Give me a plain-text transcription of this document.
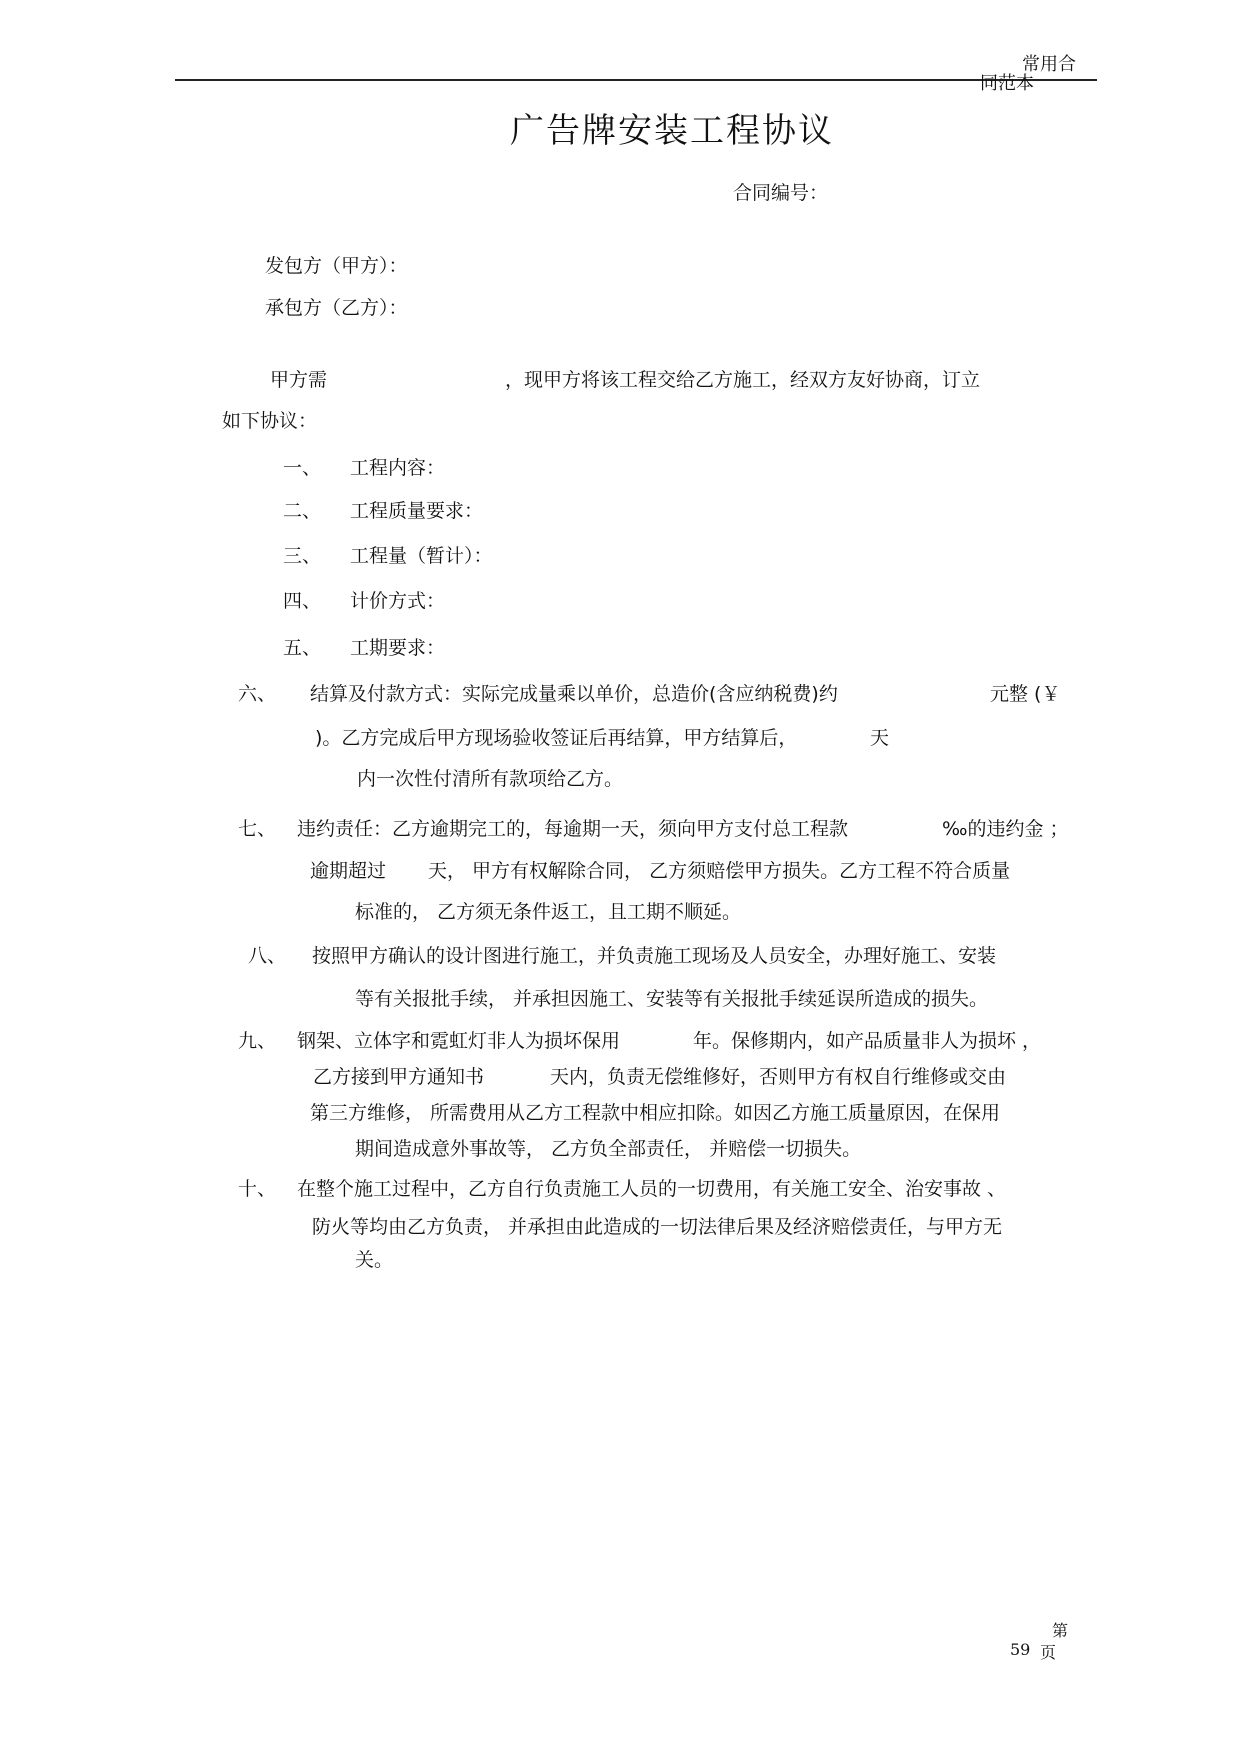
常用合
同范本
广告牌安装工程协议
合同编号：
发包方（甲方）：
承包方（乙方）：
甲方需	，现甲方将该工程交给乙方施工，经双方友好协商，订立
如下协议：
一、 工程内容：
二、 工程质量要求：
三、 工程量（暂计）：
四、 计价方式：
五、 工期要求：
六、 结算及付款方式：实际完成量乘以单价，总造价(含应纳税费)约	元整 (￥
)。乙方完成后甲方现场验收签证后再结算，甲方结算后，	天
内一次性付清所有款项给乙方。
七、 违约责任：乙方逾期完工的，每逾期一天，须向甲方支付总工程款	‰的违约金 ；
逾期超过 天， 甲方有权解除合同， 乙方须赔偿甲方损失。乙方工程不符合质量
标准的， 乙方须无条件返工，且工期不顺延。
八、 按照甲方确认的设计图进行施工，并负责施工现场及人员安全，办理好施工、安装
等有关报批手续， 并承担因施工、安装等有关报批手续延误所造成的损失。
九、 钢架、立体字和霓虹灯非人为损坏保用	年。保修期内，如产品质量非人为损坏 ，
乙方接到甲方通知书	天内，负责无偿维修好，否则甲方有权自行维修或交由
第三方维修， 所需费用从乙方工程款中相应扣除。如因乙方施工质量原因，在保用
期间造成意外事故等， 乙方负全部责任， 并赔偿一切损失。
十、 在整个施工过程中，乙方自行负责施工人员的一切费用，有关施工安全、治安事故 、
防火等均由乙方负责， 并承担由此造成的一切法律后果及经济赔偿责任，与甲方无
关。
第
59 页
